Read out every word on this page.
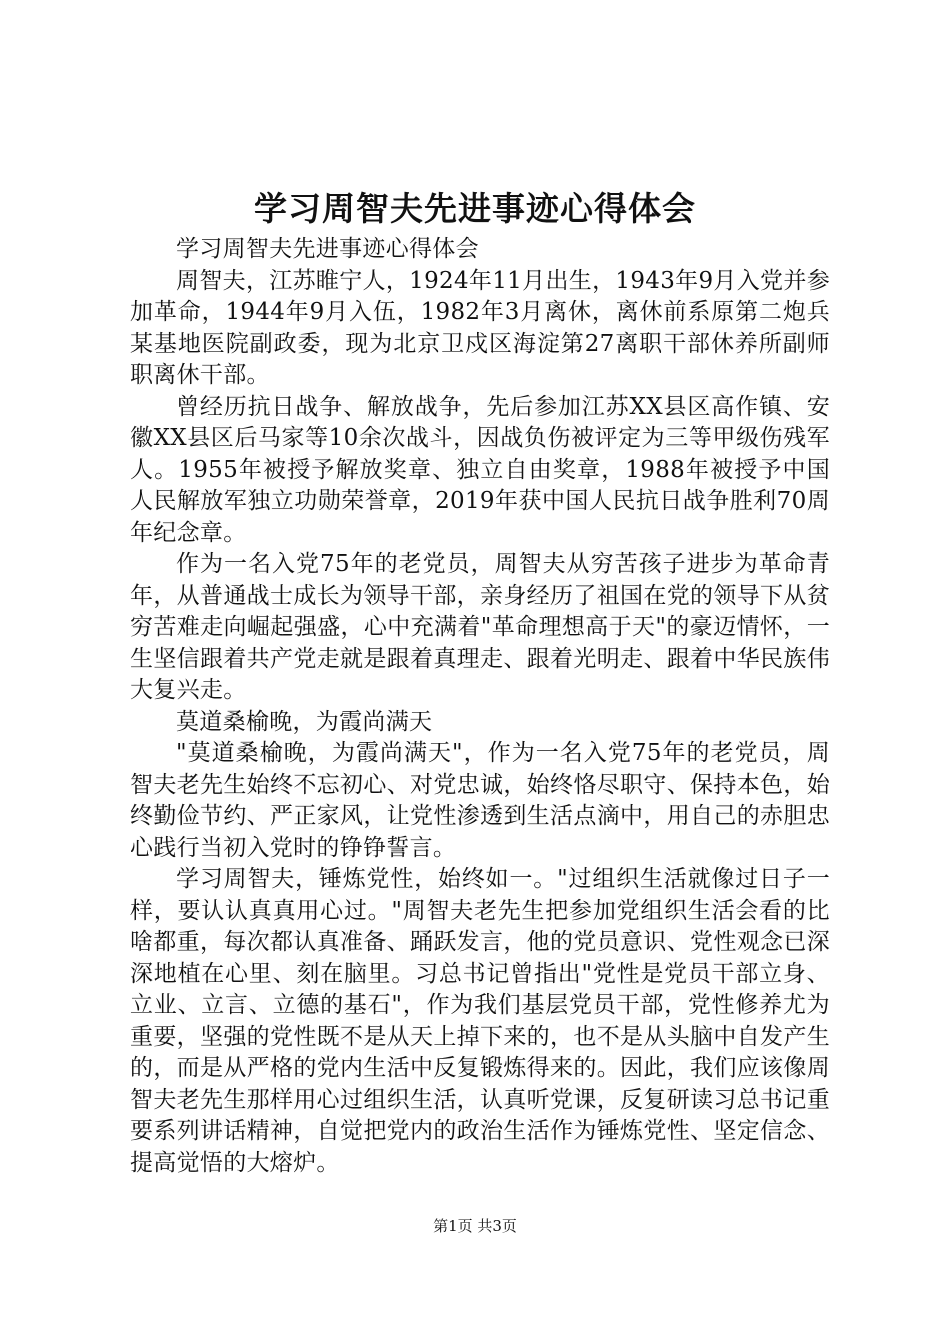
学习周智夫先进事迹心得体会

学习周智夫先进事迹心得体会

周智夫，江苏睢宁人，1924年11月出生，1943年9月入党并参加革命，1944年9月入伍，1982年3月离休，离休前系原第二炮兵某基地医院副政委，现为北京卫戍区海淀第27离职干部休养所副师职离休干部。

曾经历抗日战争、解放战争，先后参加江苏XX县区高作镇、安徽XX县区后马家等10余次战斗，因战负伤被评定为三等甲级伤残军人。1955年被授予解放奖章、独立自由奖章，1988年被授予中国人民解放军独立功勋荣誉章，2019年获中国人民抗日战争胜利70周年纪念章。

作为一名入党75年的老党员，周智夫从穷苦孩子进步为革命青年，从普通战士成长为领导干部，亲身经历了祖国在党的领导下从贫穷苦难走向崛起强盛，心中充满着"革命理想高于天"的豪迈情怀，一生坚信跟着共产党走就是跟着真理走、跟着光明走、跟着中华民族伟大复兴走。

莫道桑榆晚，为霞尚满天

"莫道桑榆晚，为霞尚满天"，作为一名入党75年的老党员，周智夫老先生始终不忘初心、对党忠诚，始终恪尽职守、保持本色，始终勤俭节约、严正家风，让党性渗透到生活点滴中，用自己的赤胆忠心践行当初入党时的铮铮誓言。

学习周智夫，锤炼党性，始终如一。"过组织生活就像过日子一样，要认认真真用心过。"周智夫老先生把参加党组织生活会看的比啥都重，每次都认真准备、踊跃发言，他的党员意识、党性观念已深深地植在心里、刻在脑里。习总书记曾指出"党性是党员干部立身、立业、立言、立德的基石"，作为我们基层党员干部，党性修养尤为重要，坚强的党性既不是从天上掉下来的，也不是从头脑中自发产生的，而是从严格的党内生活中反复锻炼得来的。因此，我们应该像周智夫老先生那样用心过组织生活，认真听党课，反复研读习总书记重要系列讲话精神，自觉把党内的政治生活作为锤炼党性、坚定信念、提高觉悟的大熔炉。

第1页 共3页
